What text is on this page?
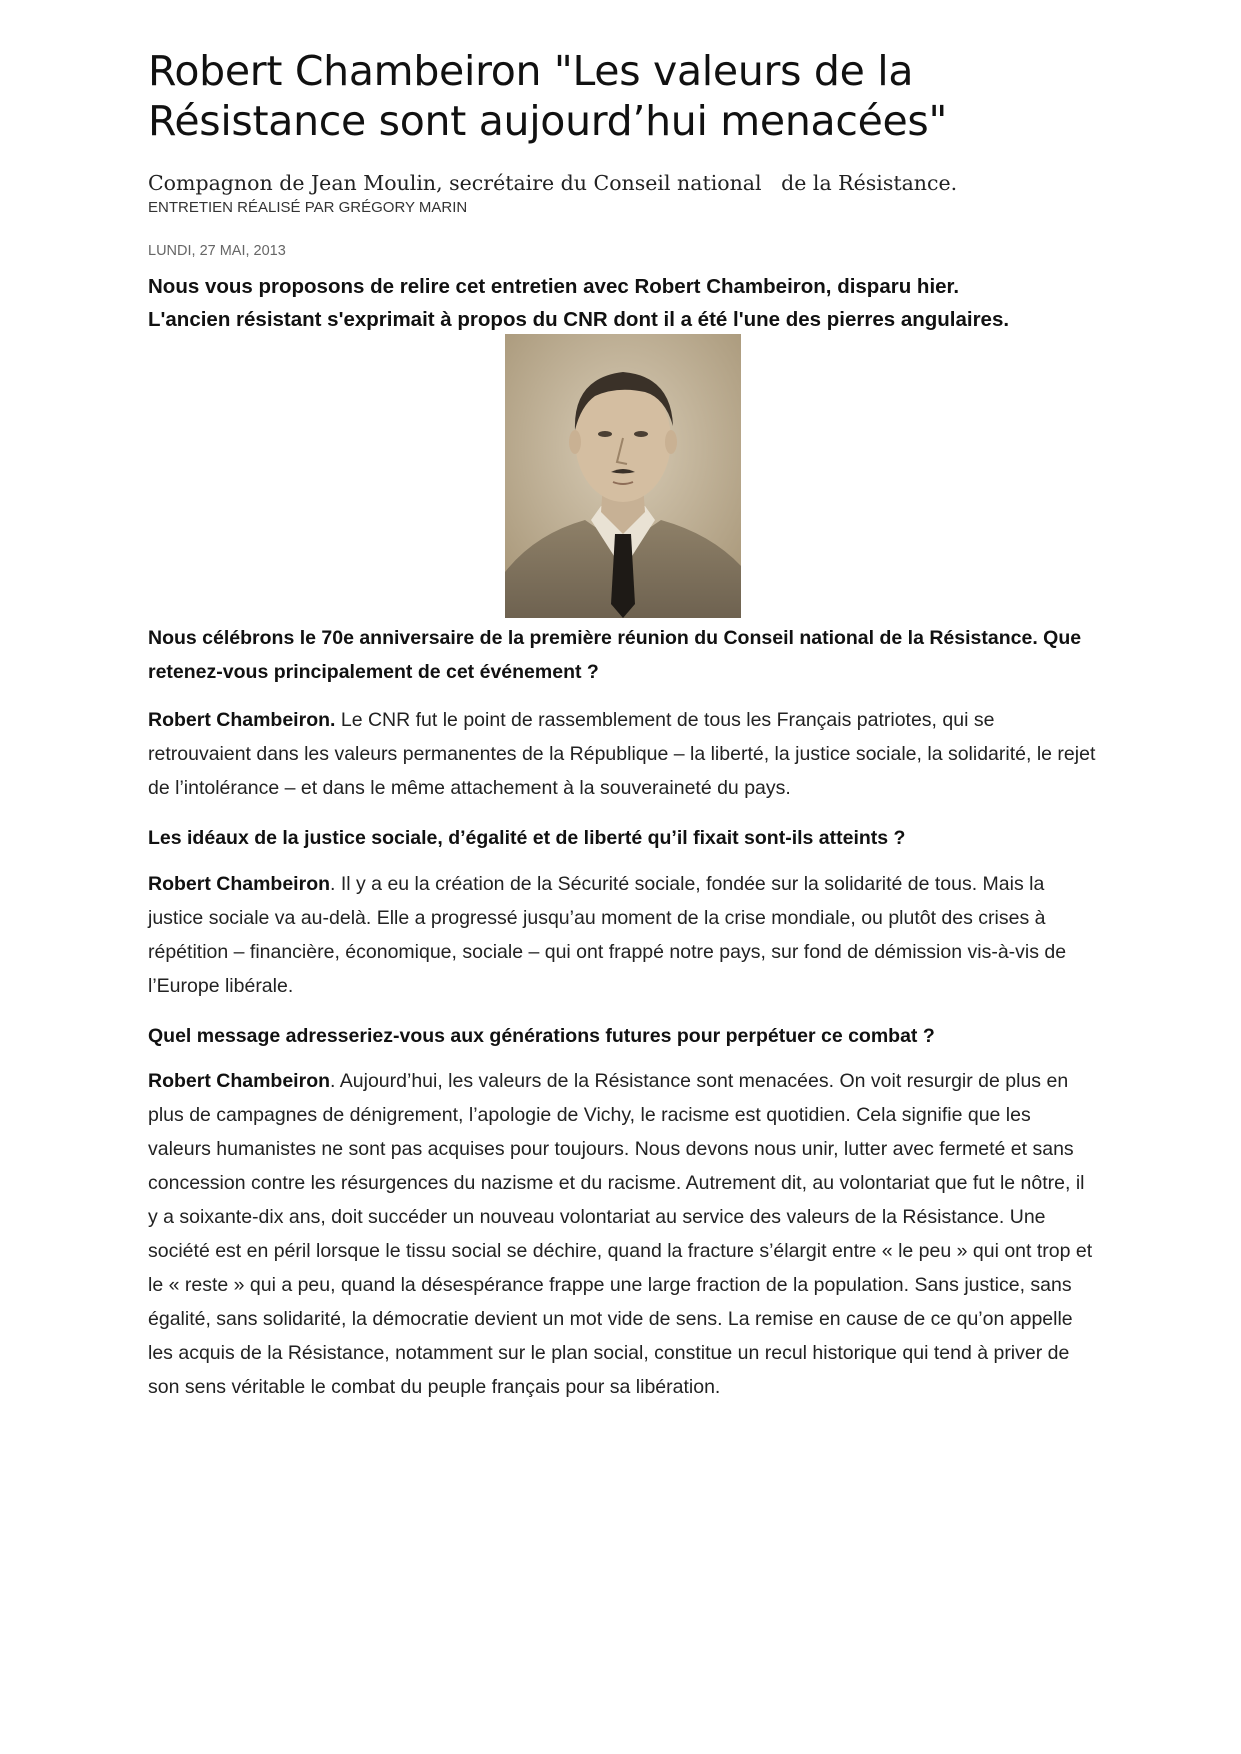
Robert Chambeiron "Les valeurs de la
Résistance sont aujourd’hui menacées"

Compagnon de Jean Moulin, secrétaire du Conseil national   de la Résistance.

ENTRETIEN RÉALISÉ PAR GRÉGORY MARIN

LUNDI, 27 MAI, 2013

Nous vous proposons de relire cet entretien avec Robert Chambeiron, disparu hier.
L'ancien résistant s'exprimait à propos du CNR dont il a été l'une des pierres angulaires.

Nous célébrons le 70e anniversaire de la première réunion du Conseil national de la Résistance. Que retenez-vous principalement de cet événement ?

Robert Chambeiron. Le CNR fut le point de rassemblement de tous les Français patriotes, qui se retrouvaient dans les valeurs permanentes de la République – la liberté, la justice sociale, la solidarité, le rejet de l’intolérance – et dans le même attachement à la souveraineté du pays.

Les idéaux de la justice sociale, d’égalité et de liberté qu’il fixait sont-ils atteints ?

Robert Chambeiron. Il y a eu la création de la Sécurité sociale, fondée sur la solidarité de tous. Mais la justice sociale va au-delà. Elle a progressé jusqu’au moment de la crise mondiale, ou plutôt des crises à répétition – financière, économique, sociale – qui ont frappé notre pays, sur fond de démission vis-à-vis de l’Europe libérale.

Quel message adresseriez-vous aux générations futures pour perpétuer ce combat ?

Robert Chambeiron. Aujourd’hui, les valeurs de la Résistance sont menacées. On voit resurgir de plus en plus de campagnes de dénigrement, l’apologie de Vichy, le racisme est quotidien. Cela signifie que les valeurs humanistes ne sont pas acquises pour toujours. Nous devons nous unir, lutter avec fermeté et sans concession contre les résurgences du nazisme et du racisme. Autrement dit, au volontariat que fut le nôtre, il y a soixante-dix ans, doit succéder un nouveau volontariat au service des valeurs de la Résistance. Une société est en péril lorsque le tissu social se déchire, quand la fracture s’élargit entre « le peu » qui ont trop et le « reste » qui a peu, quand la désespérance frappe une large fraction de la population. Sans justice, sans égalité, sans solidarité, la démocratie devient un mot vide de sens. La remise en cause de ce qu’on appelle les acquis de la Résistance, notamment sur le plan social, constitue un recul historique qui tend à priver de son sens véritable le combat du peuple français pour sa libération.
